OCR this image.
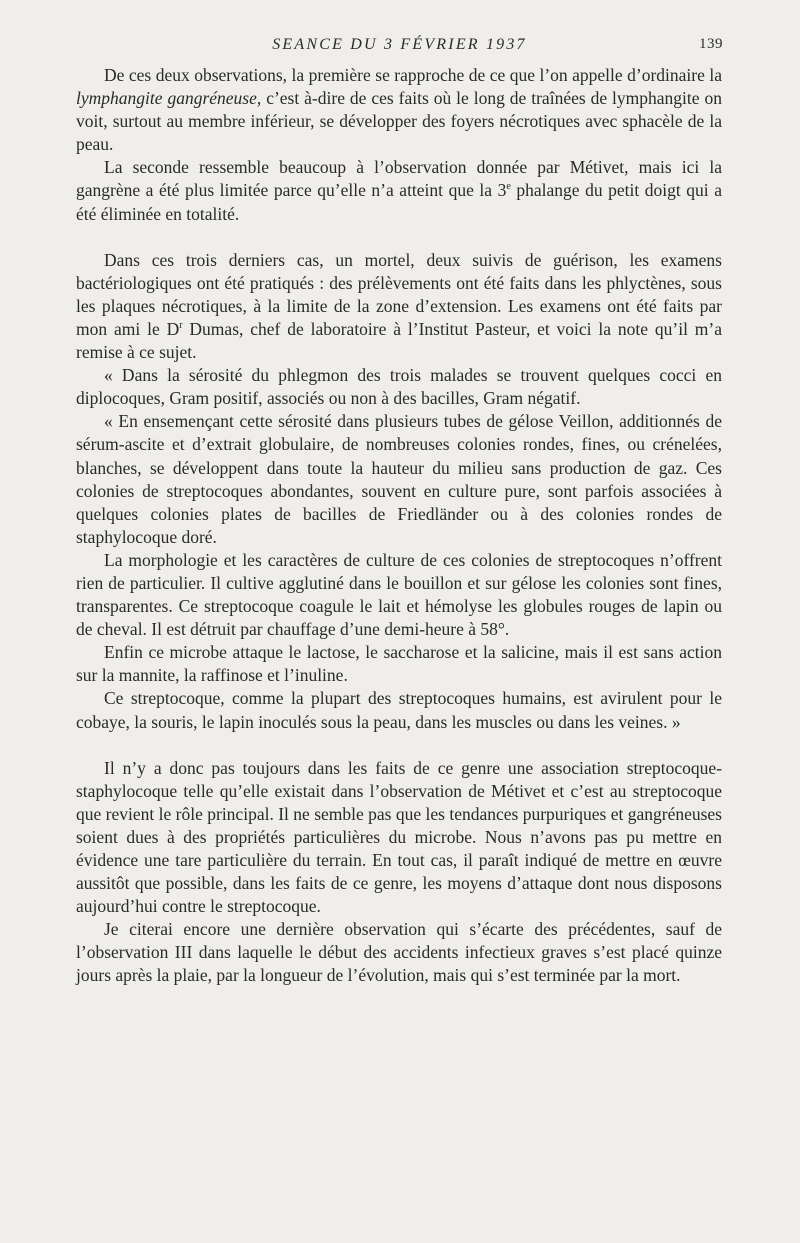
SEANCE DU 3 FÉVRIER 1937	139

De ces deux observations, la première se rapproche de ce que l’on appelle d’ordinaire la lymphangite gangréneuse, c’est à-dire de ces faits où le long de traînées de lymphangite on voit, surtout au membre inférieur, se développer des foyers nécrotiques avec sphacèle de la peau.

La seconde ressemble beaucoup à l’observation donnée par Métivet, mais ici la gangrène a été plus limitée parce qu’elle n’a atteint que la 3e phalange du petit doigt qui a été éliminée en totalité.

Dans ces trois derniers cas, un mortel, deux suivis de guérison, les examens bactériologiques ont été pratiqués : des prélèvements ont été faits dans les phlyctènes, sous les plaques nécrotiques, à la limite de la zone d’extension. Les examens ont été faits par mon ami le $D^r$ Dumas, chef de laboratoire à l’Institut Pasteur, et voici la note qu’il m’a remise à ce sujet.

« Dans la sérosité du phlegmon des trois malades se trouvent quelques cocci en diplocoques, Gram positif, associés ou non à des bacilles, Gram négatif.

« En ensemençant cette sérosité dans plusieurs tubes de gélose Veillon, additionnés de sérum-ascite et d’extrait globulaire, de nombreuses colonies rondes, fines, ou crénelées, blanches, se développent dans toute la hauteur du milieu sans production de gaz. Ces colonies de streptocoques abondantes, souvent en culture pure, sont parfois associées à quelques colonies plates de bacilles de Friedländer ou à des colonies rondes de staphylocoque doré.

La morphologie et les caractères de culture de ces colonies de streptocoques n’offrent rien de particulier. Il cultive agglutiné dans le bouillon et sur gélose les colonies sont fines, transparentes. Ce streptocoque coagule le lait et hémolyse les globules rouges de lapin ou de cheval. Il est détruit par chauffage d’une demi-heure à 58°.

Enfin ce microbe attaque le lactose, le saccharose et la salicine, mais il est sans action sur la mannite, la raffinose et l’inuline.

Ce streptocoque, comme la plupart des streptocoques humains, est avirulent pour le cobaye, la souris, le lapin inoculés sous la peau, dans les muscles ou dans les veines. »

Il n’y a donc pas toujours dans les faits de ce genre une association streptocoque-staphylocoque telle qu’elle existait dans l’observation de Métivet et c’est au streptocoque que revient le rôle principal. Il ne semble pas que les tendances purpuriques et gangréneuses soient dues à des propriétés particulières du microbe. Nous n’avons pas pu mettre en évidence une tare particulière du terrain. En tout cas, il paraît indiqué de mettre en œuvre aussitôt que possible, dans les faits de ce genre, les moyens d’attaque dont nous disposons aujourd’hui contre le streptocoque.

Je citerai encore une dernière observation qui s’écarte des précédentes, sauf de l’observation III dans laquelle le début des accidents infectieux graves s’est placé quinze jours après la plaie, par la longueur de l’évolution, mais qui s’est terminée par la mort.
